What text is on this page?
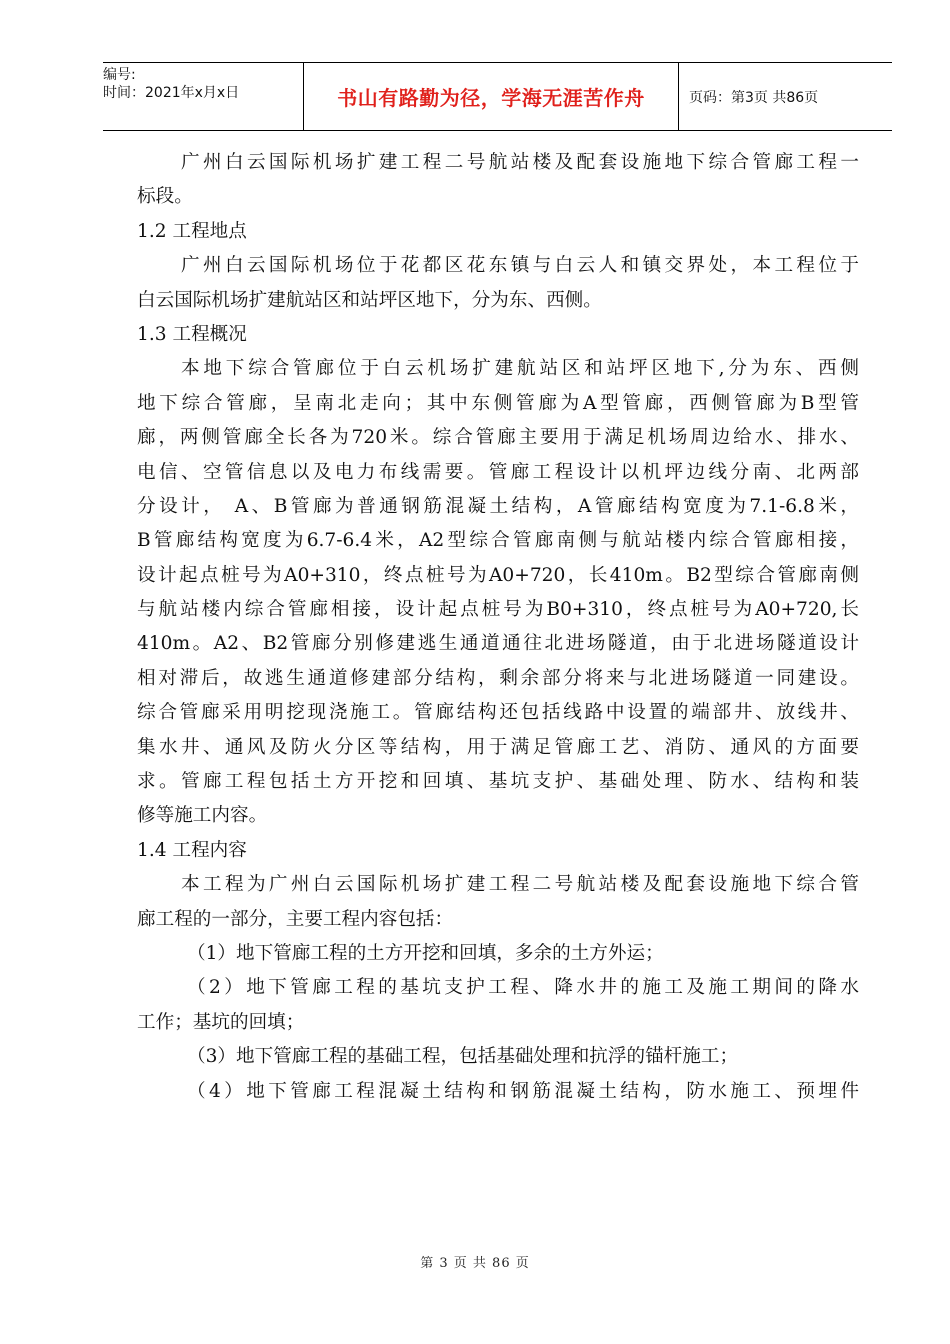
编号:
时间：2021年x月x日	书山有路勤为径，学海无涯苦作舟	页码：第3页 共86页
广州白云国际机场扩建工程二号航站楼及配套设施地下综合管廊工程一
标段。
1.2 工程地点
广州白云国际机场位于花都区花东镇与白云人和镇交界处，本工程位于
白云国际机场扩建航站区和站坪区地下，分为东、西侧。
1.3 工程概况
本地下综合管廊位于白云机场扩建航站区和站坪区地下,分为东、西侧
地下综合管廊，呈南北走向；其中东侧管廊为A型管廊，西侧管廊为B型管
廊，两侧管廊全长各为720米。综合管廊主要用于满足机场周边给水、排水、
电信、空管信息以及电力布线需要。管廊工程设计以机坪边线分南、北两部
分设计， A、B管廊为普通钢筋混凝土结构，A管廊结构宽度为7.1-6.8米，
B管廊结构宽度为6.7-6.4米，A2型综合管廊南侧与航站楼内综合管廊相接，
设计起点桩号为A0+310，终点桩号为A0+720，长410m。B2型综合管廊南侧
与航站楼内综合管廊相接，设计起点桩号为B0+310，终点桩号为A0+720,长
410m。A2、B2管廊分别修建逃生通道通往北进场隧道，由于北进场隧道设计
相对滞后，故逃生通道修建部分结构，剩余部分将来与北进场隧道一同建设。
综合管廊采用明挖现浇施工。管廊结构还包括线路中设置的端部井、放线井、
集水井、通风及防火分区等结构，用于满足管廊工艺、消防、通风的方面要
求。管廊工程包括土方开挖和回填、基坑支护、基础处理、防水、结构和装
修等施工内容。
1.4 工程内容
本工程为广州白云国际机场扩建工程二号航站楼及配套设施地下综合管
廊工程的一部分，主要工程内容包括：
（1）地下管廊工程的土方开挖和回填，多余的土方外运；
（2）地下管廊工程的基坑支护工程、降水井的施工及施工期间的降水
工作；基坑的回填；
（3）地下管廊工程的基础工程，包括基础处理和抗浮的锚杆施工；
（4）地下管廊工程混凝土结构和钢筋混凝土结构，防水施工、预埋件
第 3 页 共 86 页
